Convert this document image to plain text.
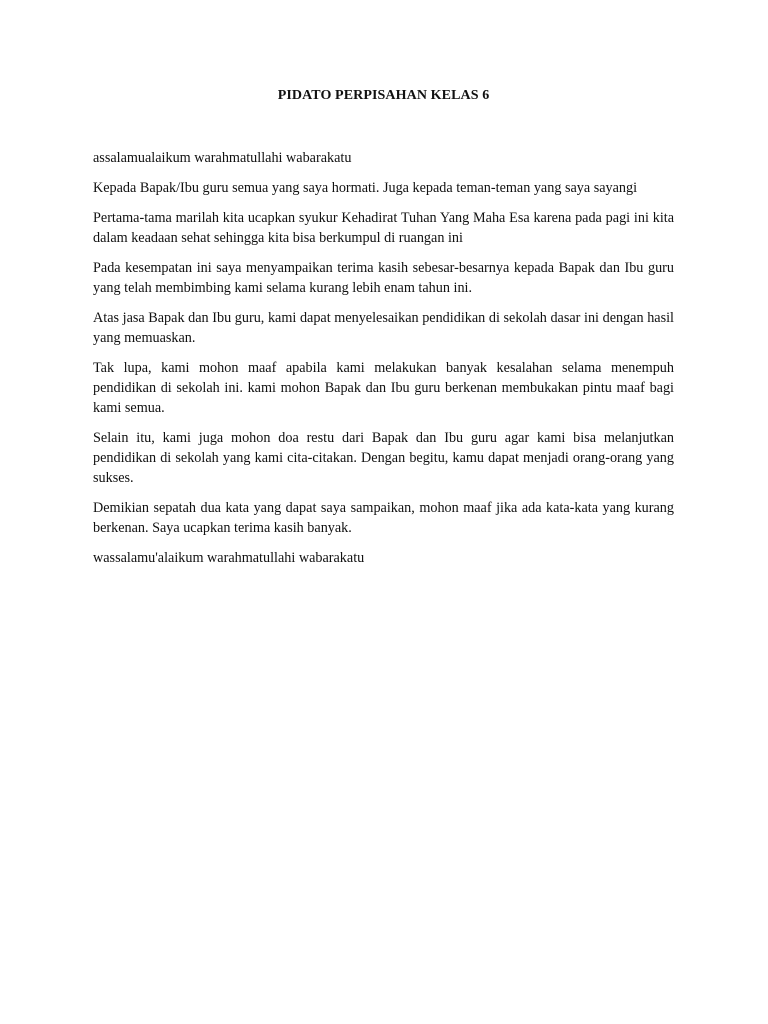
PIDATO PERPISAHAN KELAS 6

assalamualaikum warahmatullahi wabarakatu

Kepada Bapak/Ibu guru semua yang saya hormati. Juga kepada teman-teman yang saya sayangi

Pertama-tama marilah kita ucapkan syukur Kehadirat Tuhan Yang Maha Esa karena pada pagi ini kita dalam keadaan sehat sehingga kita bisa berkumpul di ruangan ini

Pada kesempatan ini saya menyampaikan terima kasih sebesar-besarnya kepada Bapak dan Ibu guru yang telah membimbing kami selama kurang lebih enam tahun ini.

Atas jasa Bapak dan Ibu guru, kami dapat menyelesaikan pendidikan di sekolah dasar ini dengan hasil yang memuaskan.

Tak lupa, kami mohon maaf apabila kami melakukan banyak kesalahan selama menempuh pendidikan di sekolah ini. kami mohon Bapak dan Ibu guru berkenan membukakan pintu maaf bagi kami semua.

Selain itu, kami juga mohon doa restu dari Bapak dan Ibu guru agar kami bisa melanjutkan pendidikan di sekolah yang kami cita-citakan. Dengan begitu, kamu dapat menjadi orang-orang yang sukses.

Demikian sepatah dua kata yang dapat saya sampaikan, mohon maaf jika ada kata-kata yang kurang berkenan. Saya ucapkan terima kasih banyak.

wassalamu'alaikum warahmatullahi wabarakatu
